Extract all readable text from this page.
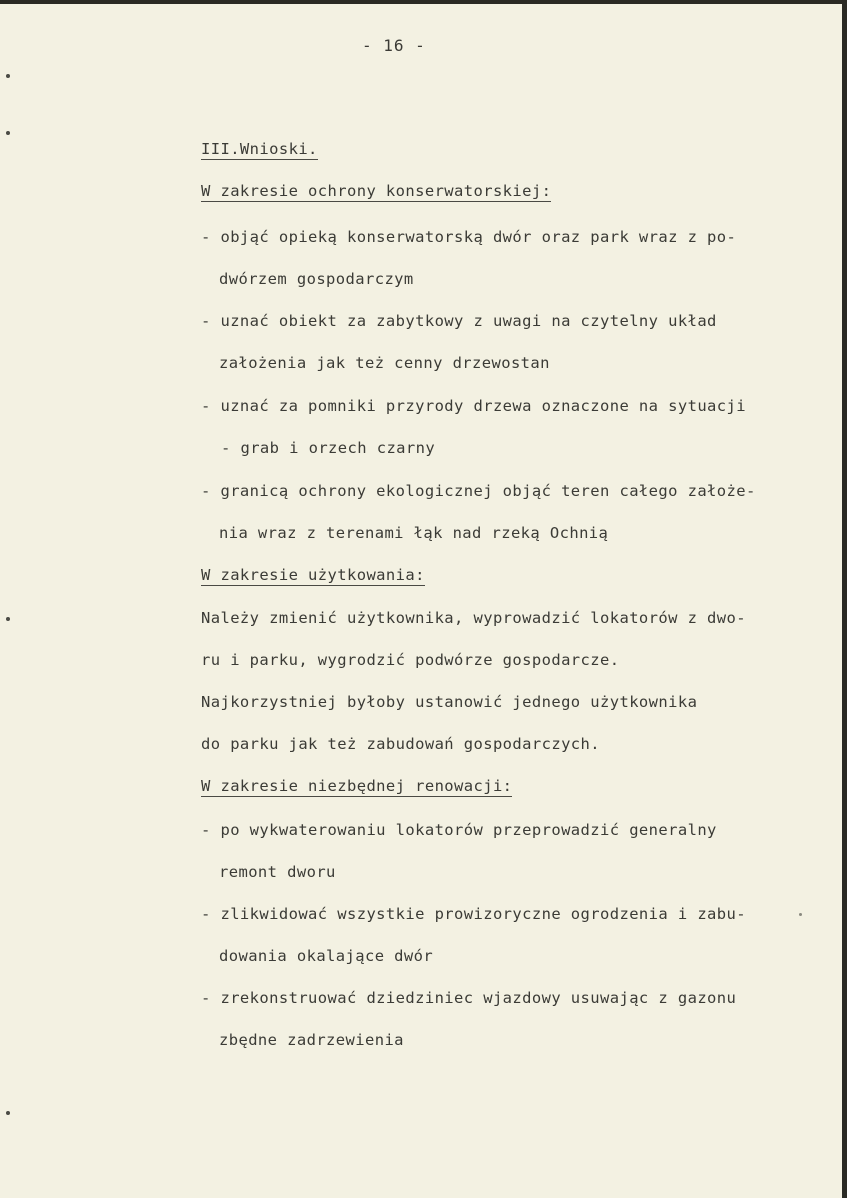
- 16 -
III.Wnioski.
W zakresie ochrony konserwatorskiej:
- objąć opieką konserwatorską dwór oraz park wraz z po-
dwórzem gospodarczym
- uznać obiekt za zabytkowy z uwagi na czytelny układ
założenia jak też cenny drzewostan
- uznać za pomniki przyrody drzewa oznaczone na sytuacji
- grab i orzech czarny
- granicą ochrony ekologicznej objąć teren całego założe-
nia wraz z terenami łąk nad rzeką Ochnią
W zakresie użytkowania:
Należy zmienić użytkownika, wyprowadzić lokatorów z dwo-
ru i parku, wygrodzić podwórze gospodarcze.
Najkorzystniej byłoby ustanowić jednego użytkownika
do parku jak też zabudowań gospodarczych.
W zakresie niezbędnej renowacji:
- po wykwaterowaniu lokatorów przeprowadzić generalny
remont dworu
- zlikwidować wszystkie prowizoryczne ogrodzenia i zabu-
dowania okalające dwór
- zrekonstruować dziedziniec wjazdowy usuwając z gazonu
zbędne zadrzewienia
